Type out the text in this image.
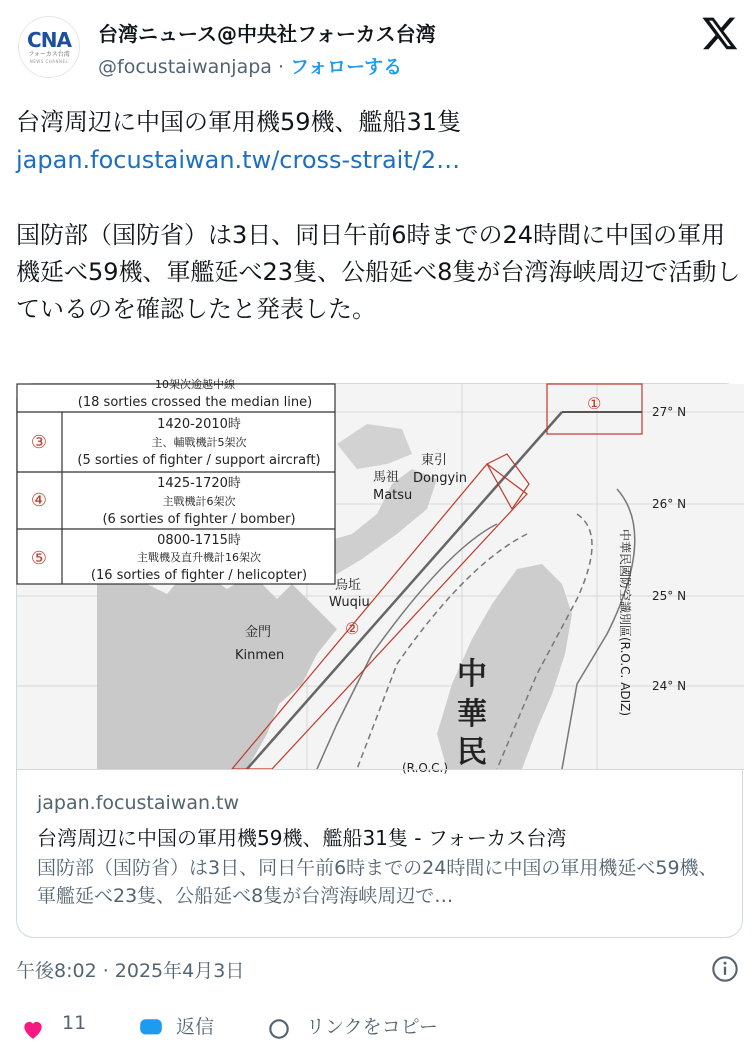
CNA
フォーカス台湾
NEWS CHANNEL
台湾ニュース@中央社フォーカス台湾
@focustaiwanjapa · フォローする
台湾周辺に中国の軍用機59機、艦船31隻
japan.focustaiwan.tw/cross-strait/2…
国防部（国防省）は3日、同日午前6時までの24時間に中国の軍用機延べ59機、軍艦延べ23隻、公船延べ8隻が台湾海峡周辺で活動しているのを確認したと発表した。
①
②
10架次逾越中線
(18 sorties crossed the median line)
③
1420-2010時
主、輔戰機計5架次
(5 sorties of fighter / support aircraft)
④
1425-1720時
主戰機計6架次
(6 sorties of fighter / bomber)
⑤
0800-1715時
主戰機及直升機計16架次
(16 sorties of fighter / helicopter)
東引
Dongyin
馬祖
Matsu
烏坵
Wuqiu
金門
Kinmen
27° N
26° N
25° N
24° N
中
華
民
(R.O.C.)
中華民國防空識別區(R.O.C. ADIZ)
japan.focustaiwan.tw
台湾周辺に中国の軍用機59機、艦船31隻 - フォーカス台湾
国防部（国防省）は3日、同日午前6時までの24時間に中国の軍用機延べ59機、軍艦延べ23隻、公船延べ8隻が台湾海峡周辺で…
午後8:02 · 2025年4月3日
11	返信	リンクをコピー
